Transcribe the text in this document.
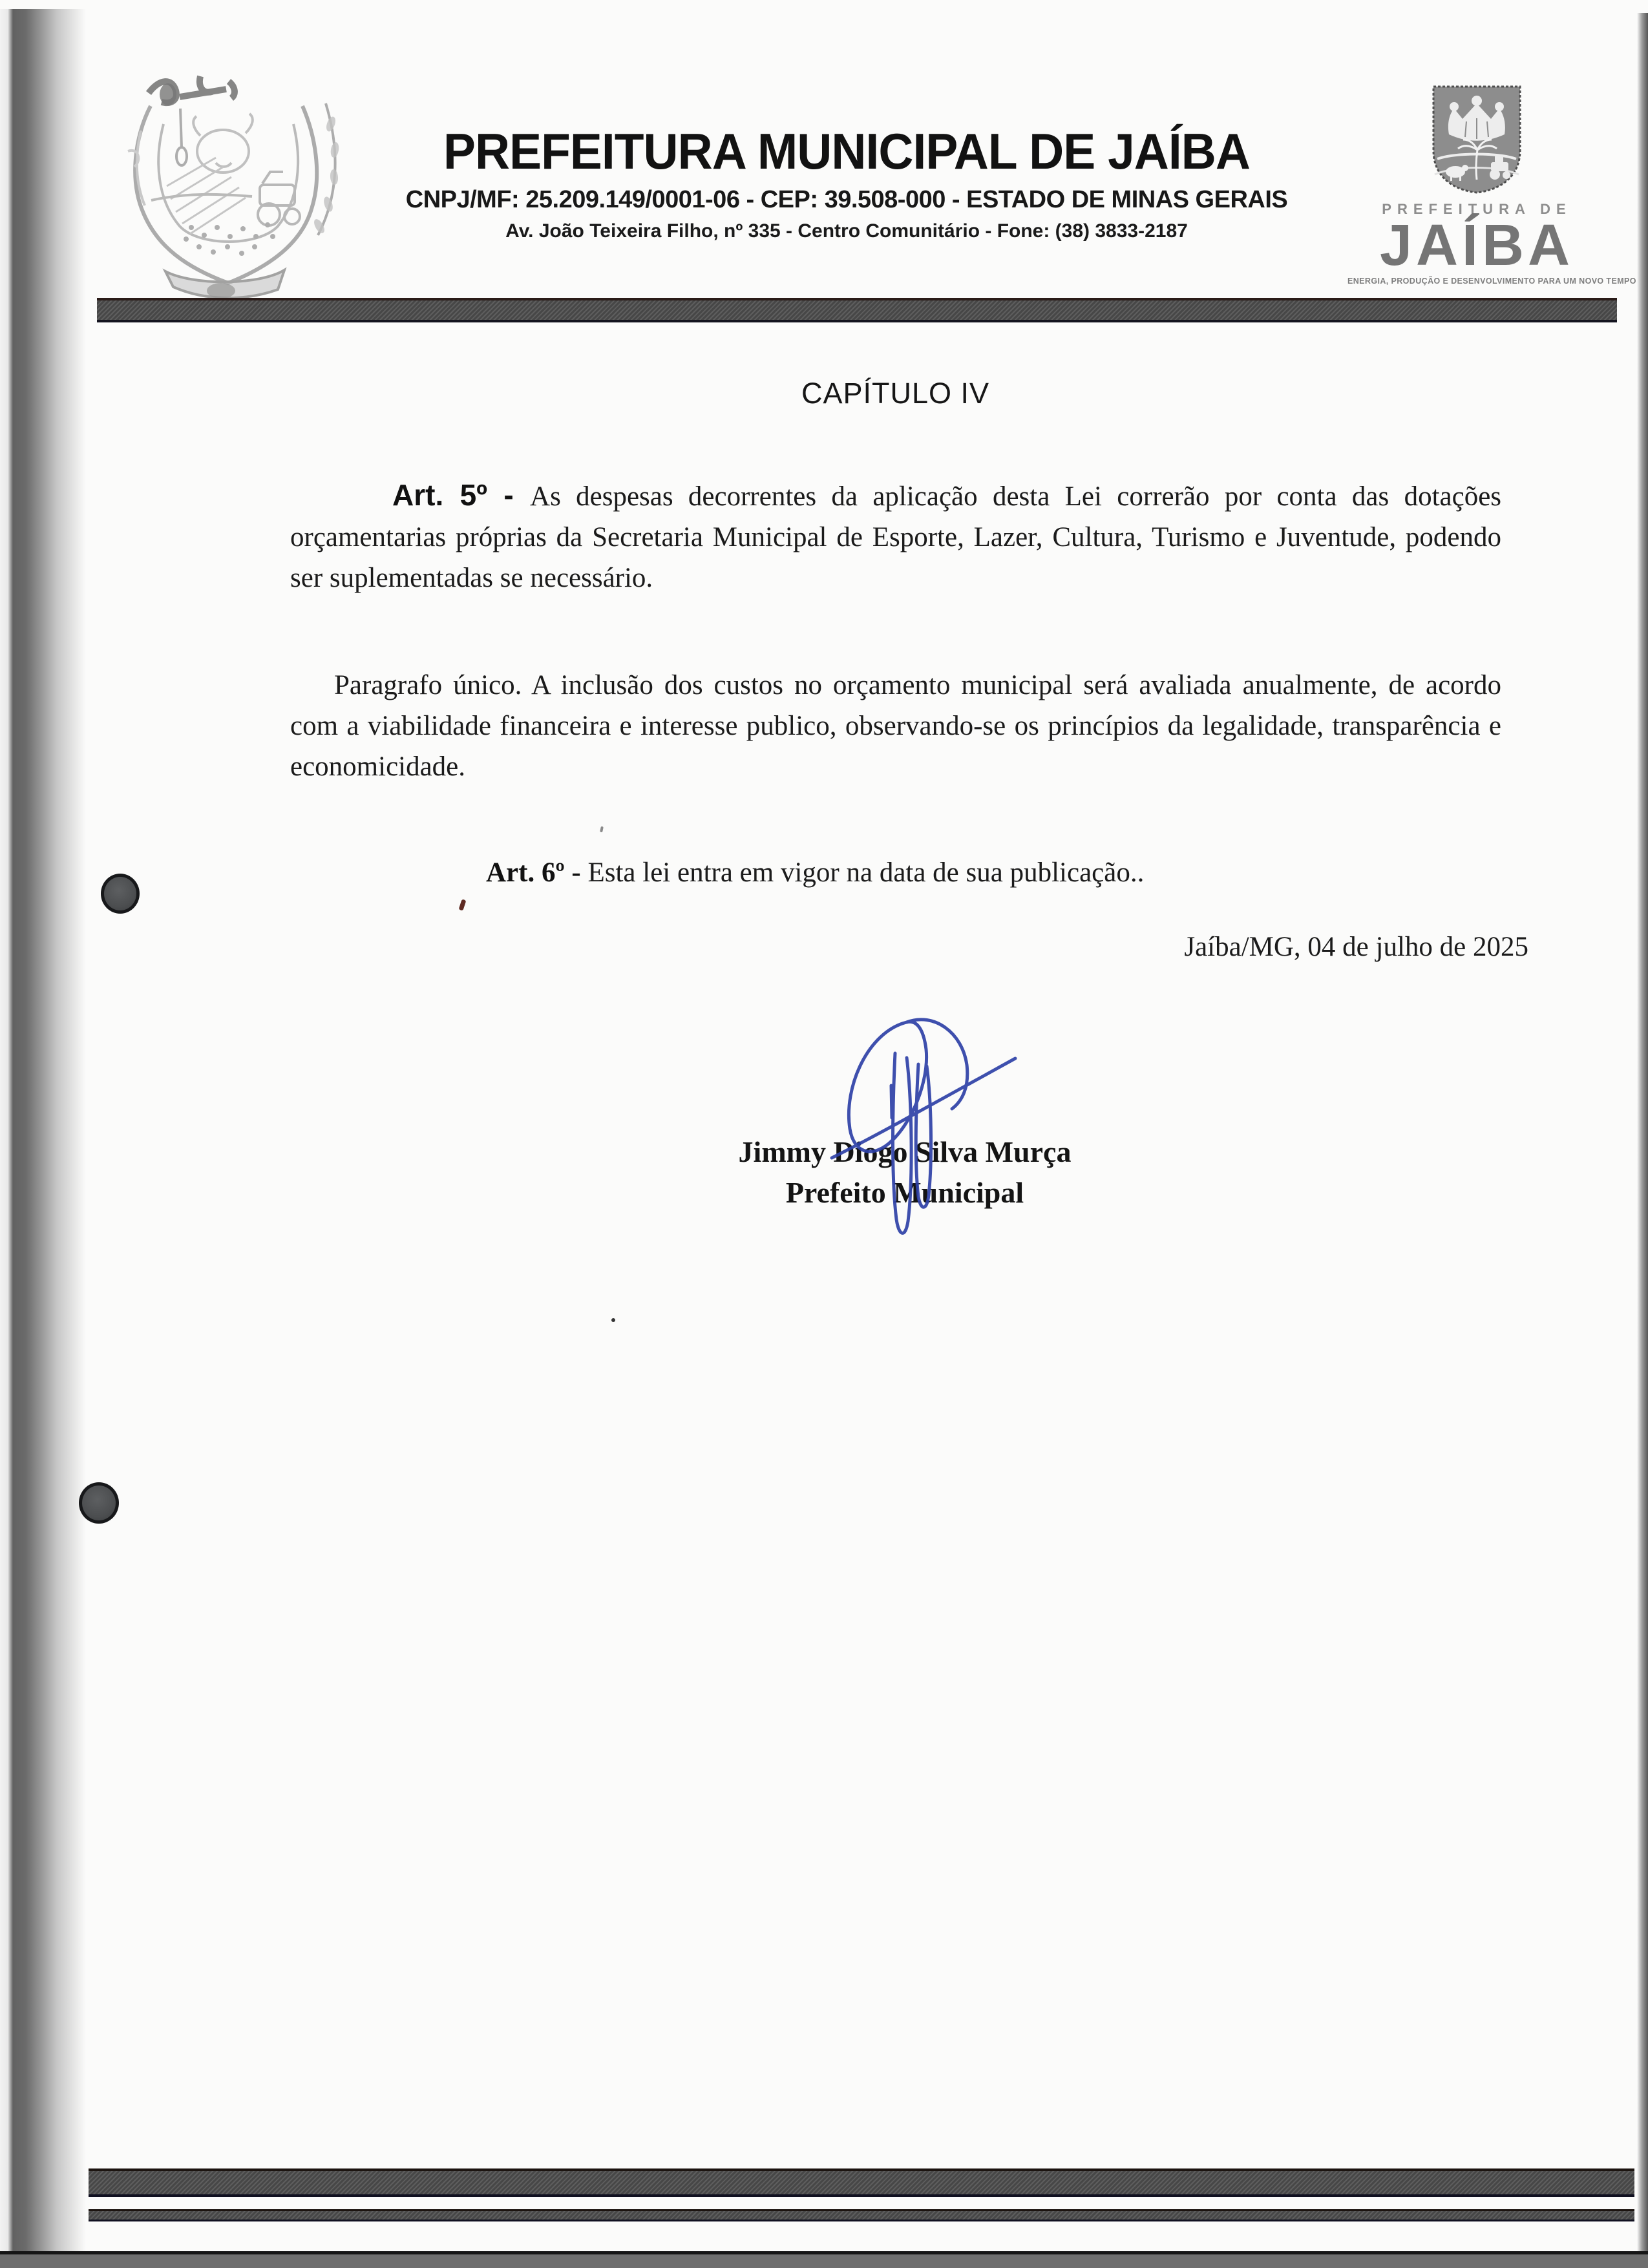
PREFEITURA MUNICIPAL DE JAÍBA
CNPJ/MF: 25.209.149/0001-06 - CEP: 39.508-000 - ESTADO DE MINAS GERAIS
Av. João Teixeira Filho, nº 335 - Centro Comunitário - Fone: (38) 3833-2187
PREFEITURA DE
JAÍBA
ENERGIA, PRODUÇÃO E DESENVOLVIMENTO PARA UM NOVO TEMPO
CAPÍTULO IV

Art. 5º - As despesas decorrentes da aplicação desta Lei correrão por conta das dotações orçamentarias próprias da Secretaria Municipal de Esporte, Lazer, Cultura, Turismo e Juventude, podendo ser suplementadas se necessário.

Paragrafo único. A inclusão dos custos no orçamento municipal será avaliada anualmente, de acordo com a viabilidade financeira e interesse publico, observando-se os princípios da legalidade, transparência e economicidade.

Art. 6º - Esta lei entra em vigor na data de sua publicação..

Jaíba/MG, 04 de julho de 2025
Jimmy Diogo Silva Murça
Prefeito Municipal
